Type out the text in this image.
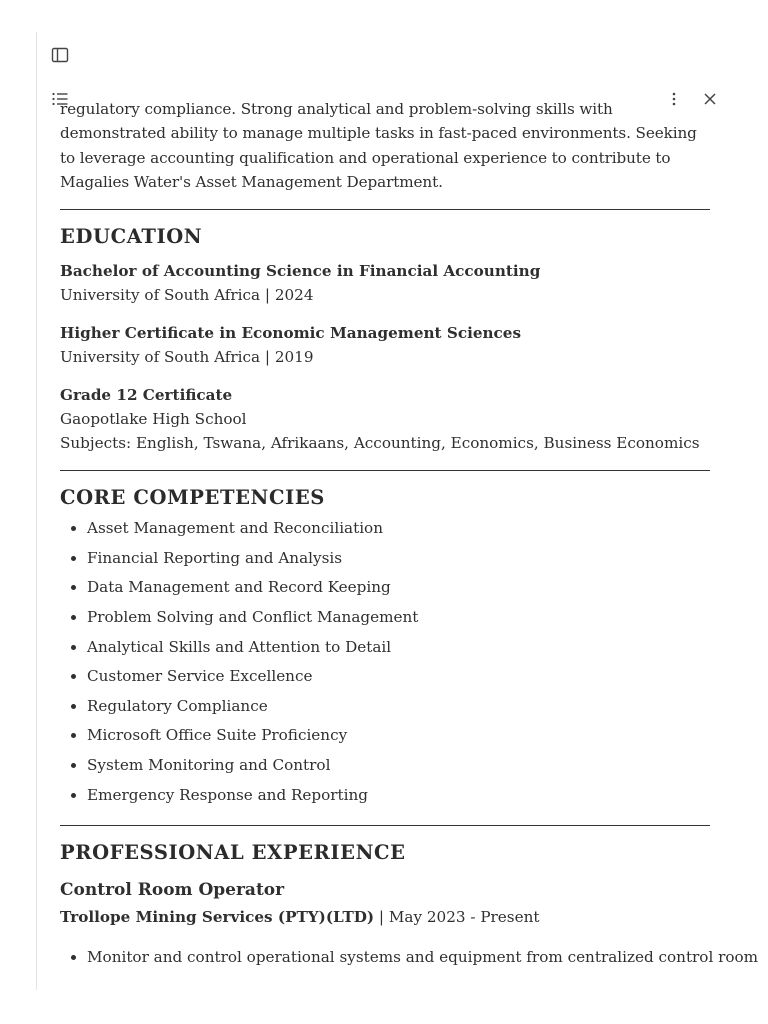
regulatory compliance. Strong analytical and problem-solving skills with demonstrated ability to manage multiple tasks in fast-paced environments. Seeking to leverage accounting qualification and operational experience to contribute to Magalies Water's Asset Management Department.

EDUCATION

Bachelor of Accounting Science in Financial Accounting

University of South Africa | 2024

Higher Certificate in Economic Management Sciences

University of South Africa | 2019

Grade 12 Certificate

Gaopotlake High School

Subjects: English, Tswana, Afrikaans, Accounting, Economics, Business Economics

CORE COMPETENCIES
• Asset Management and Reconciliation
• Financial Reporting and Analysis
• Data Management and Record Keeping
• Problem Solving and Conflict Management
• Analytical Skills and Attention to Detail
• Customer Service Excellence
• Regulatory Compliance
• Microsoft Office Suite Proficiency
• System Monitoring and Control
• Emergency Response and Reporting
PROFESSIONAL EXPERIENCE

Control Room Operator

Trollope Mining Services (PTY)(LTD) | May 2023 - Present

• Monitor and control operational systems and equipment from centralized control room
